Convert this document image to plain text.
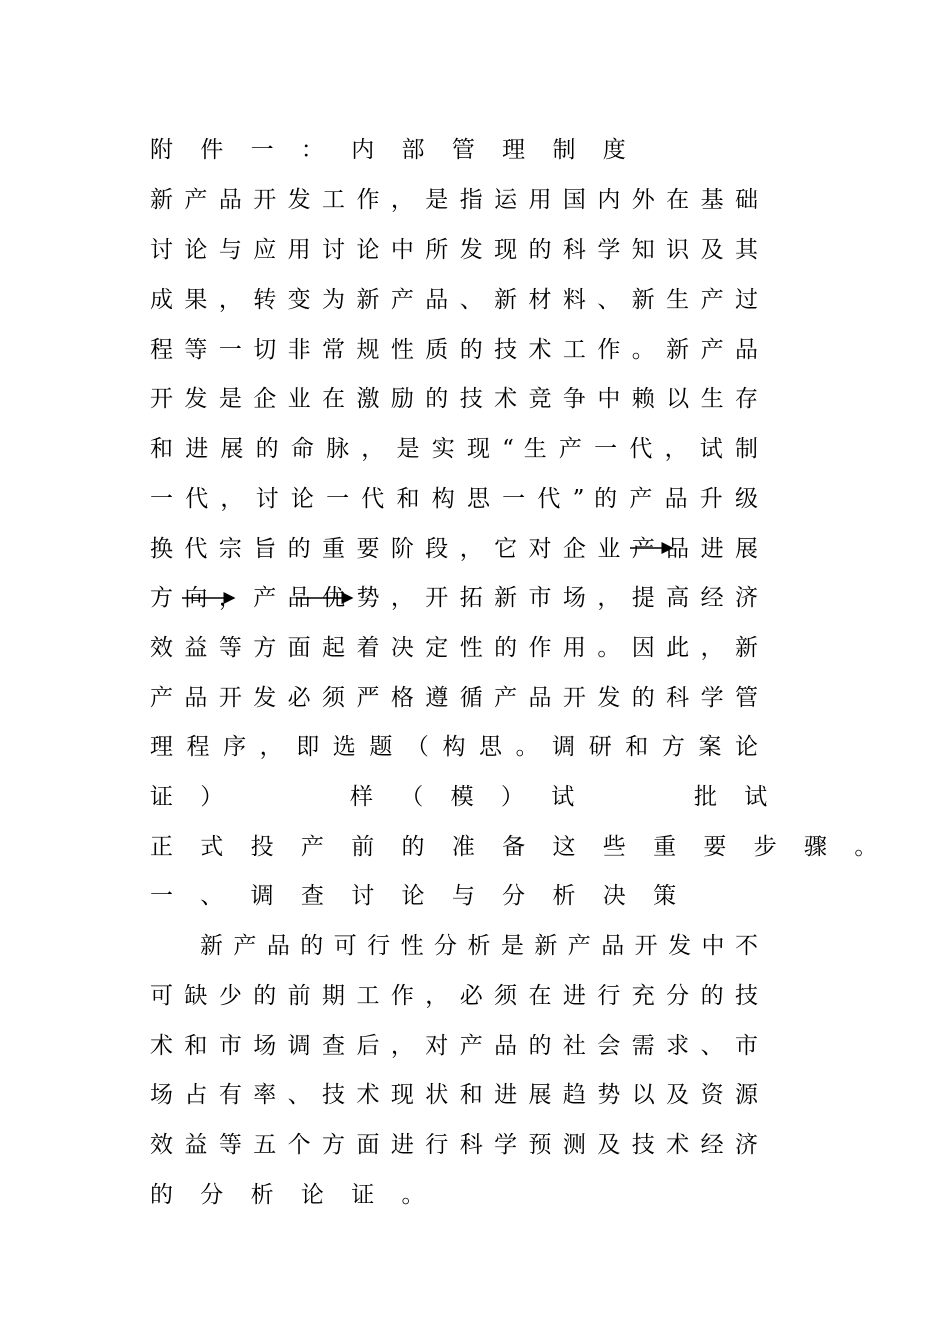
附 件 一 ： 内 部 管 理 制 度
新 产 品 开 发 工 作 ， 是 指 运 用 国 内 外 在 基 础
讨 论 与 应 用 讨 论 中 所 发 现 的 科 学 知 识 及 其
成 果 ， 转 变 为 新 产 品 、 新 材 料 、 新 生 产 过
程 等 一 切 非 常 规 性 质 的 技 术 工 作 。 新 产 品
开 发 是 企 业 在 激 励 的 技 术 竞 争 中 赖 以 生 存
和 进 展 的 命 脉 ， 是 实 现 “ 生 产 一 代 ， 试 制
一 代 ， 讨 论 一 代 和 构 思 一 代 ” 的 产 品 升 级
换 代 宗 旨 的 重 要 阶 段 ， 它 对 企 业 产 品 进 展
方 向 ， 产 品 优 势 ， 开 拓 新 市 场 ， 提 高 经 济
效 益 等 方 面 起 着 决 定 性 的 作 用 。 因 此 ， 新
产 品 开 发 必 须 严 格 遵 循 产 品 开 发 的 科 学 管
理 程 序 ， 即 选 题 （ 构 思 。 调 研 和 方 案 论
证 ）	样 （ 模 ） 试	批 试
正 式 投 产 前 的 准 备 这 些 重 要 步 骤 。
一 、 调 查 讨 论 与 分 析 决 策
新 产 品 的 可 行 性 分 析 是 新 产 品 开 发 中 不
可 缺 少 的 前 期 工 作 ， 必 须 在 进 行 充 分 的 技
术 和 市 场 调 查 后 ， 对 产 品 的 社 会 需 求 、 市
场 占 有 率 、 技 术 现 状 和 进 展 趋 势 以 及 资 源
效 益 等 五 个 方 面 进 行 科 学 预 测 及 技 术 经 济
的 分 析 论 证 。
